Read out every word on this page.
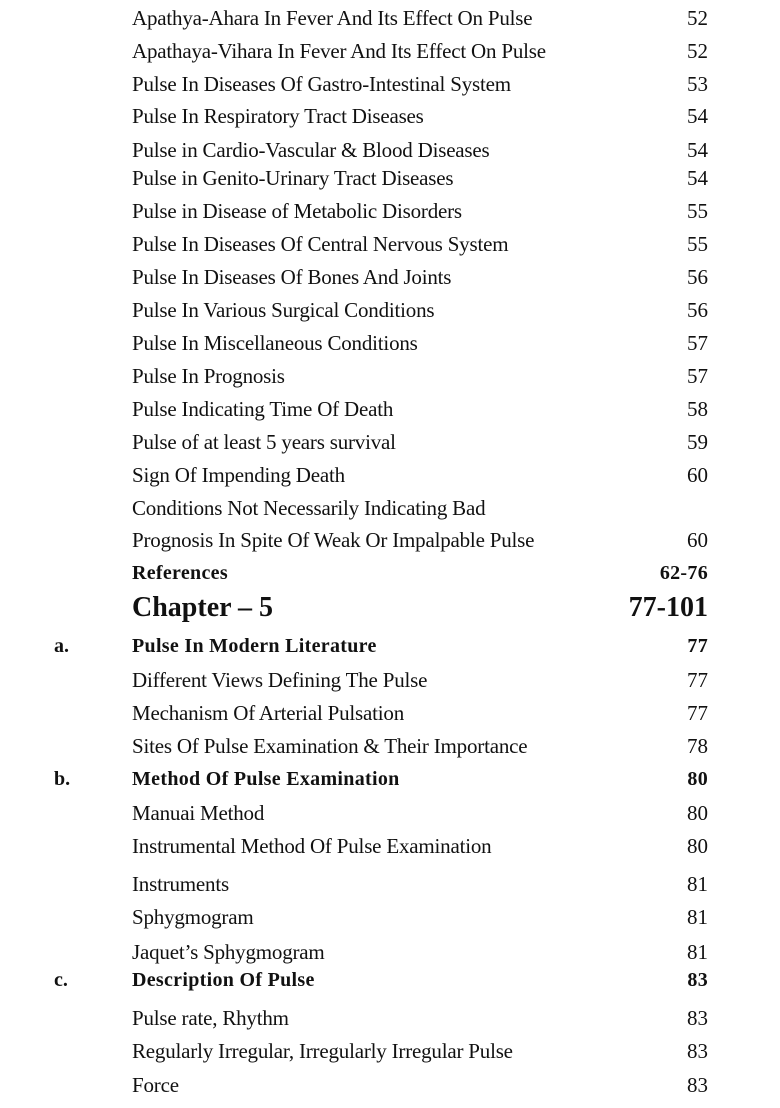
Apathya-Ahara In Fever And Its Effect On Pulse	52
Apathaya-Vihara In Fever And Its Effect On Pulse	52
Pulse In Diseases Of Gastro-Intestinal System	53
Pulse In Respiratory Tract Diseases	54
Pulse in Cardio-Vascular & Blood Diseases	54
Pulse in Genito-Urinary Tract Diseases	54
Pulse in Disease of Metabolic Disorders	55
Pulse In Diseases Of Central Nervous System	55
Pulse In Diseases Of Bones And Joints	56
Pulse In Various Surgical Conditions	56
Pulse In Miscellaneous Conditions	57
Pulse In Prognosis	57
Pulse Indicating Time Of Death	58
Pulse of at least 5 years survival	59
Sign Of Impending Death	60
Conditions Not Necessarily Indicating Bad
Prognosis In Spite Of Weak Or Impalpable Pulse	60
References	62-76
Chapter – 5	77-101
a.	Pulse In Modern Literature	77
Different Views Defining The Pulse	77
Mechanism Of Arterial Pulsation	77
Sites Of Pulse Examination & Their Importance	78
b.	Method Of Pulse Examination	80
Manuai Method	80
Instrumental Method Of Pulse Examination	80
Instruments	81
Sphygmogram	81
Jaquet’s Sphygmogram	81
c.	Description Of Pulse	83
Pulse rate, Rhythm	83
Regularly Irregular, Irregularly Irregular Pulse	83
Force	83
